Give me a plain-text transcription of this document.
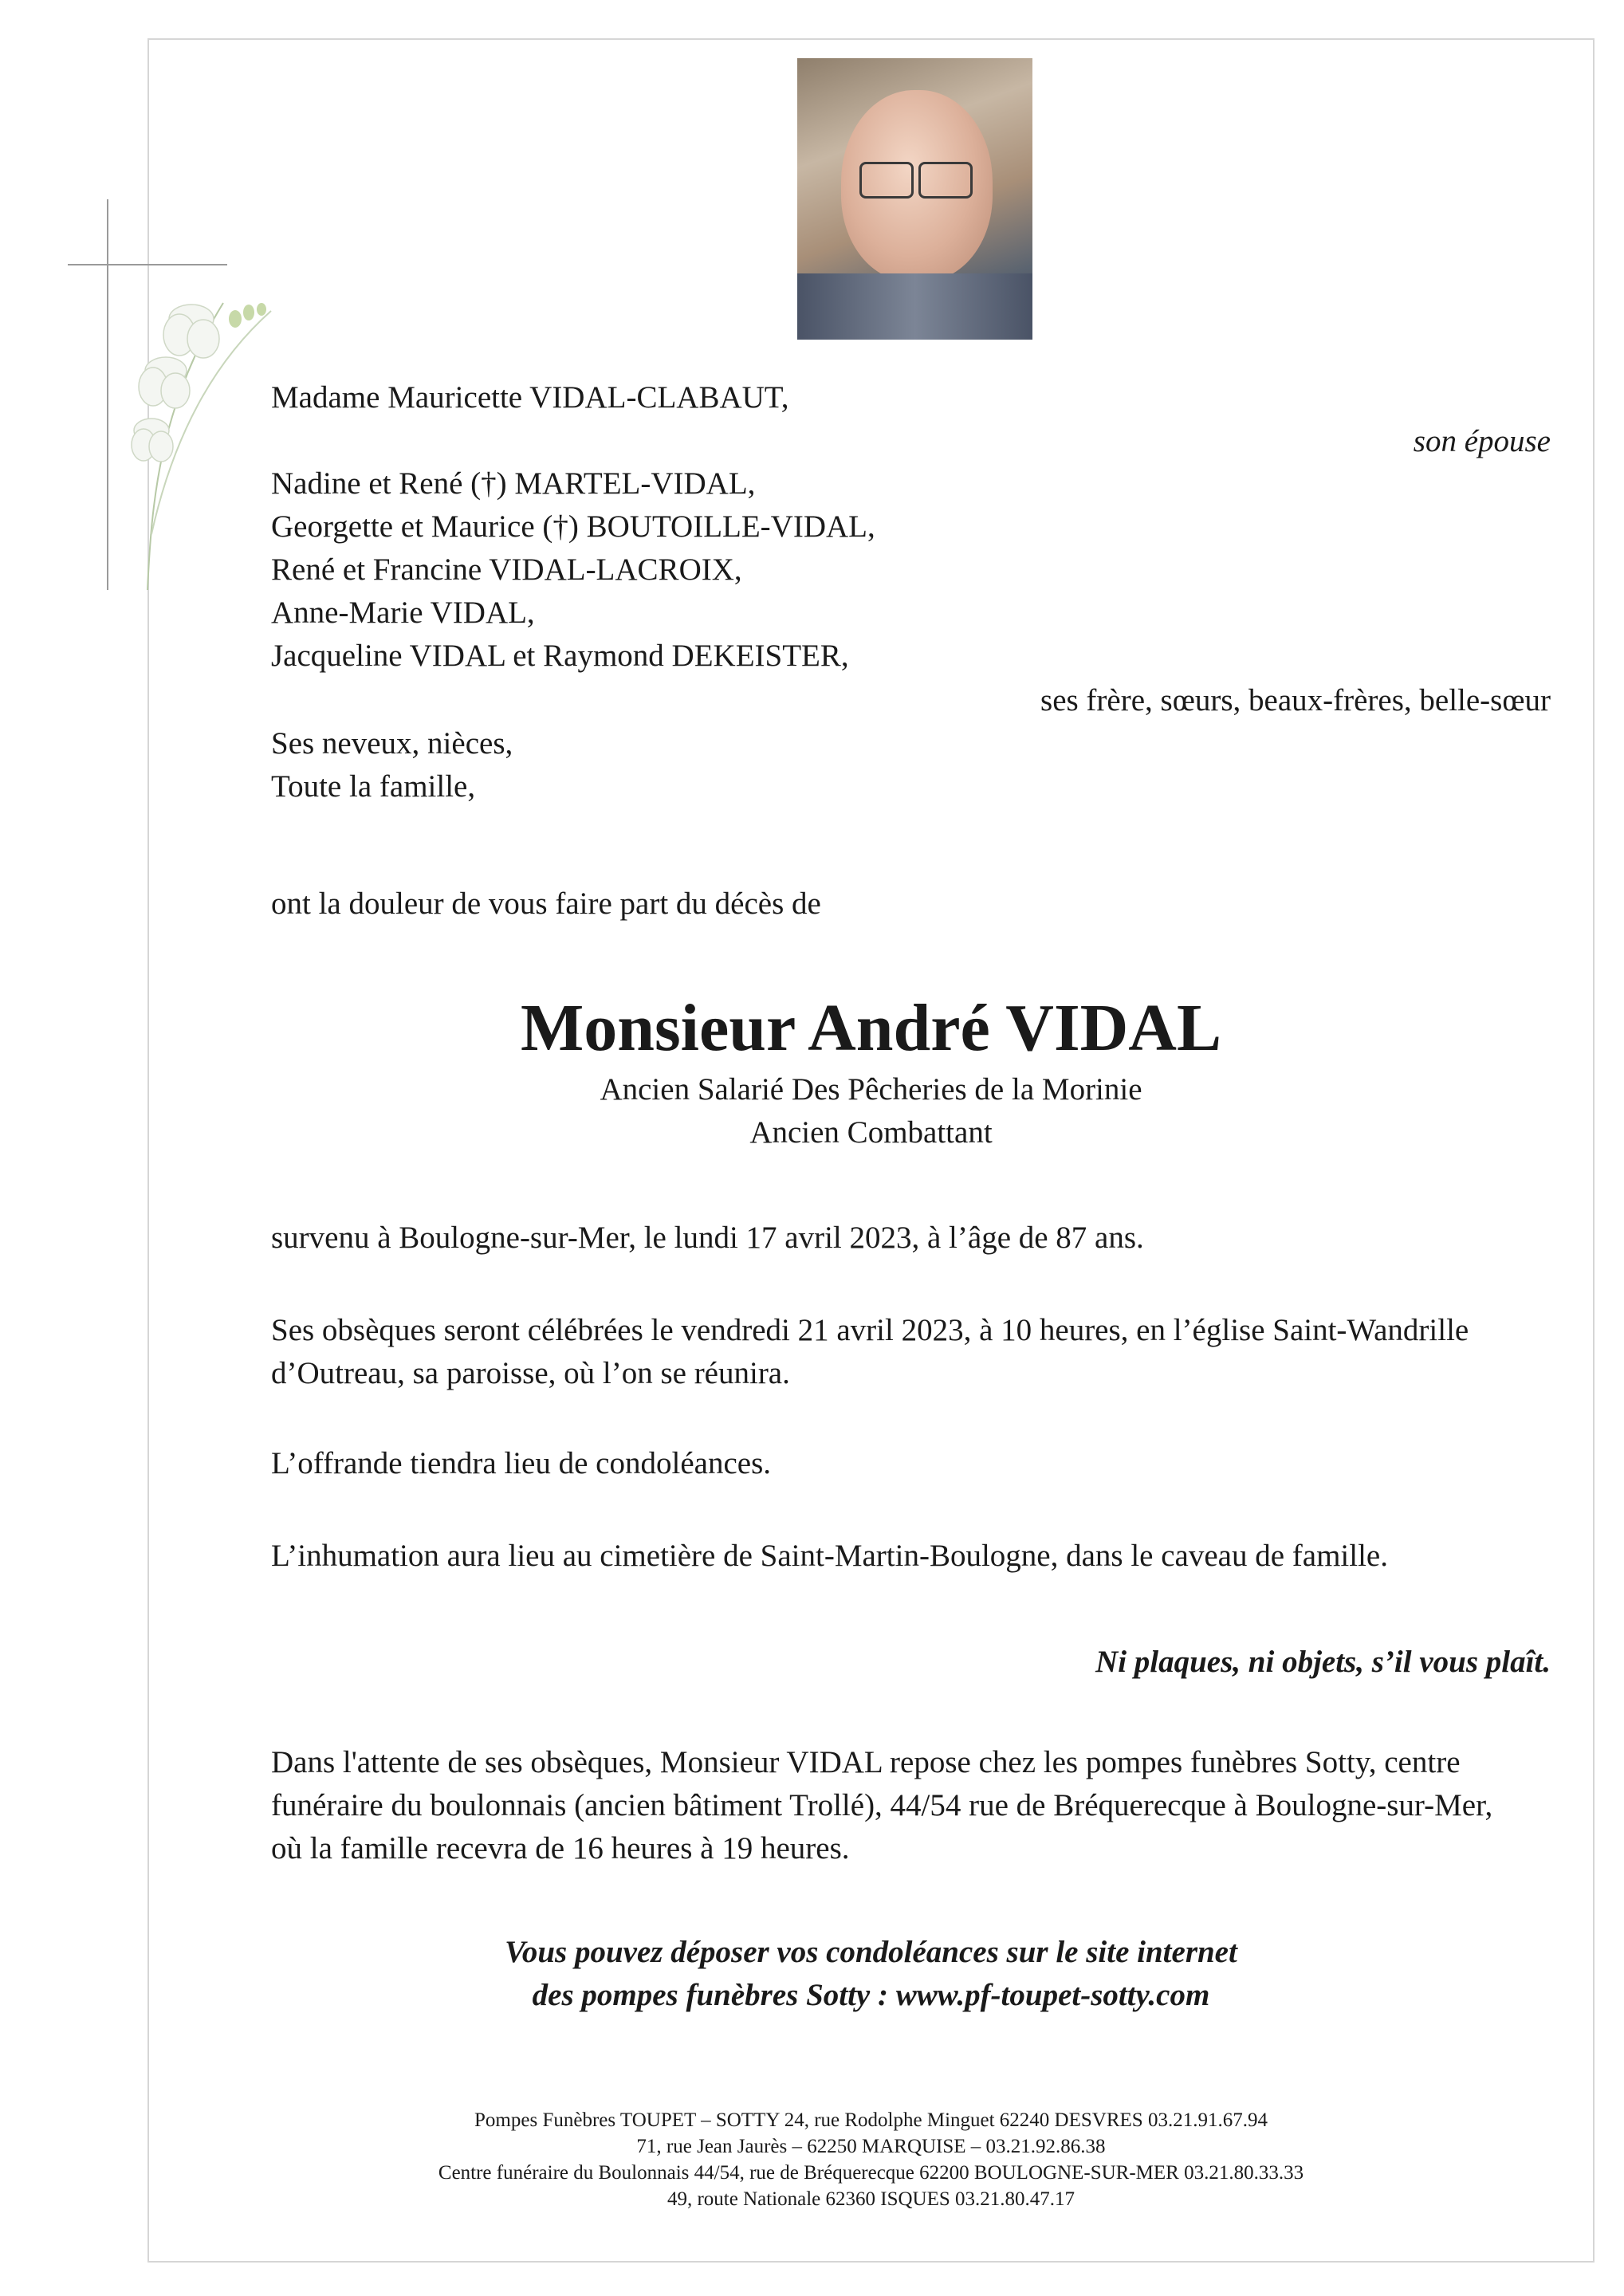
Madame Mauricette VIDAL-CLABAUT,
son épouse
Nadine et René (†) MARTEL-VIDAL,
Georgette et Maurice (†) BOUTOILLE-VIDAL,
René et Francine VIDAL-LACROIX,
Anne-Marie VIDAL,
Jacqueline VIDAL et Raymond DEKEISTER,
ses frère, sœurs, beaux-frères, belle-sœur
Ses neveux, nièces,
Toute la famille,
ont la douleur de vous faire part du décès de
Monsieur André VIDAL
Ancien Salarié Des Pêcheries de la Morinie
Ancien Combattant
survenu à Boulogne-sur-Mer, le lundi 17 avril 2023, à l’âge de 87 ans.
Ses obsèques seront célébrées le vendredi 21 avril 2023, à 10 heures, en l’église Saint-Wandrille
d’Outreau, sa paroisse, où l’on se réunira.
L’offrande tiendra lieu de condoléances.
L’inhumation aura lieu au cimetière de Saint-Martin-Boulogne, dans le caveau de famille.
Ni plaques, ni objets, s’il vous plaît.
Dans l'attente de ses obsèques, Monsieur VIDAL repose chez les pompes funèbres Sotty, centre
funéraire du boulonnais (ancien bâtiment Trollé), 44/54 rue de Bréquerecque à Boulogne-sur-Mer,
où la famille recevra de 16 heures à 19 heures.
Vous pouvez déposer vos condoléances sur le site internet
des pompes funèbres Sotty : www.pf-toupet-sotty.com
Pompes Funèbres TOUPET – SOTTY 24, rue Rodolphe Minguet 62240 DESVRES 03.21.91.67.94
71, rue Jean Jaurès – 62250 MARQUISE – 03.21.92.86.38
Centre funéraire du Boulonnais 44/54, rue de Bréquerecque 62200 BOULOGNE-SUR-MER 03.21.80.33.33
49, route Nationale 62360 ISQUES 03.21.80.47.17
